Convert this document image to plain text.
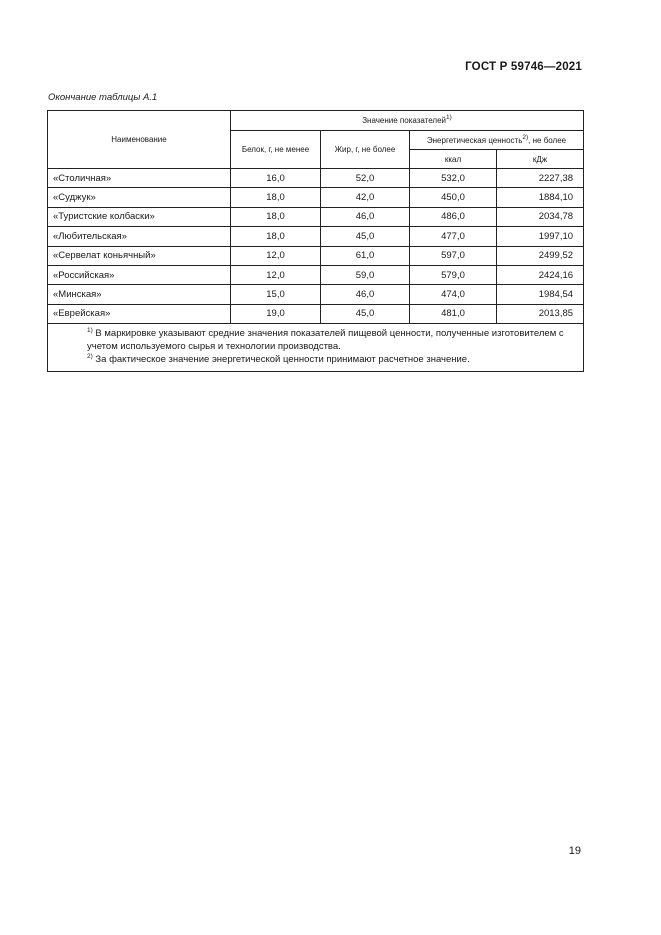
ГОСТ Р 59746—2021
Окончание таблицы А.1
Наименование	Значение показателей$^{1)}$
	Белок, г, не менее	Жир, г, не более	Энергетическая ценность$^{2)}$, не более	
			ккал	кДж
«Столичная»	16,0	52,0	532,0	2227,38
«Суджук»	18,0	42,0	450,0	1884,10
«Туристские колбаски»	18,0	46,0	486,0	2034,78
«Любительская»	18,0	45,0	477,0	1997,10
«Сервелат коньячный»	12,0	61,0	597,0	2499,52
«Российская»	12,0	59,0	579,0	2424,16
«Минская»	15,0	46,0	474,0	1984,54
«Еврейская»	19,0	45,0	481,0	2013,85

$^{1)}$ В маркировке указывают средние значения показателей пищевой ценности, полученные изготовителем с учетом используемого сырья и технологии производства.

$^{2)}$ За фактическое значение энергетической ценности принимают расчетное значение.				

19
